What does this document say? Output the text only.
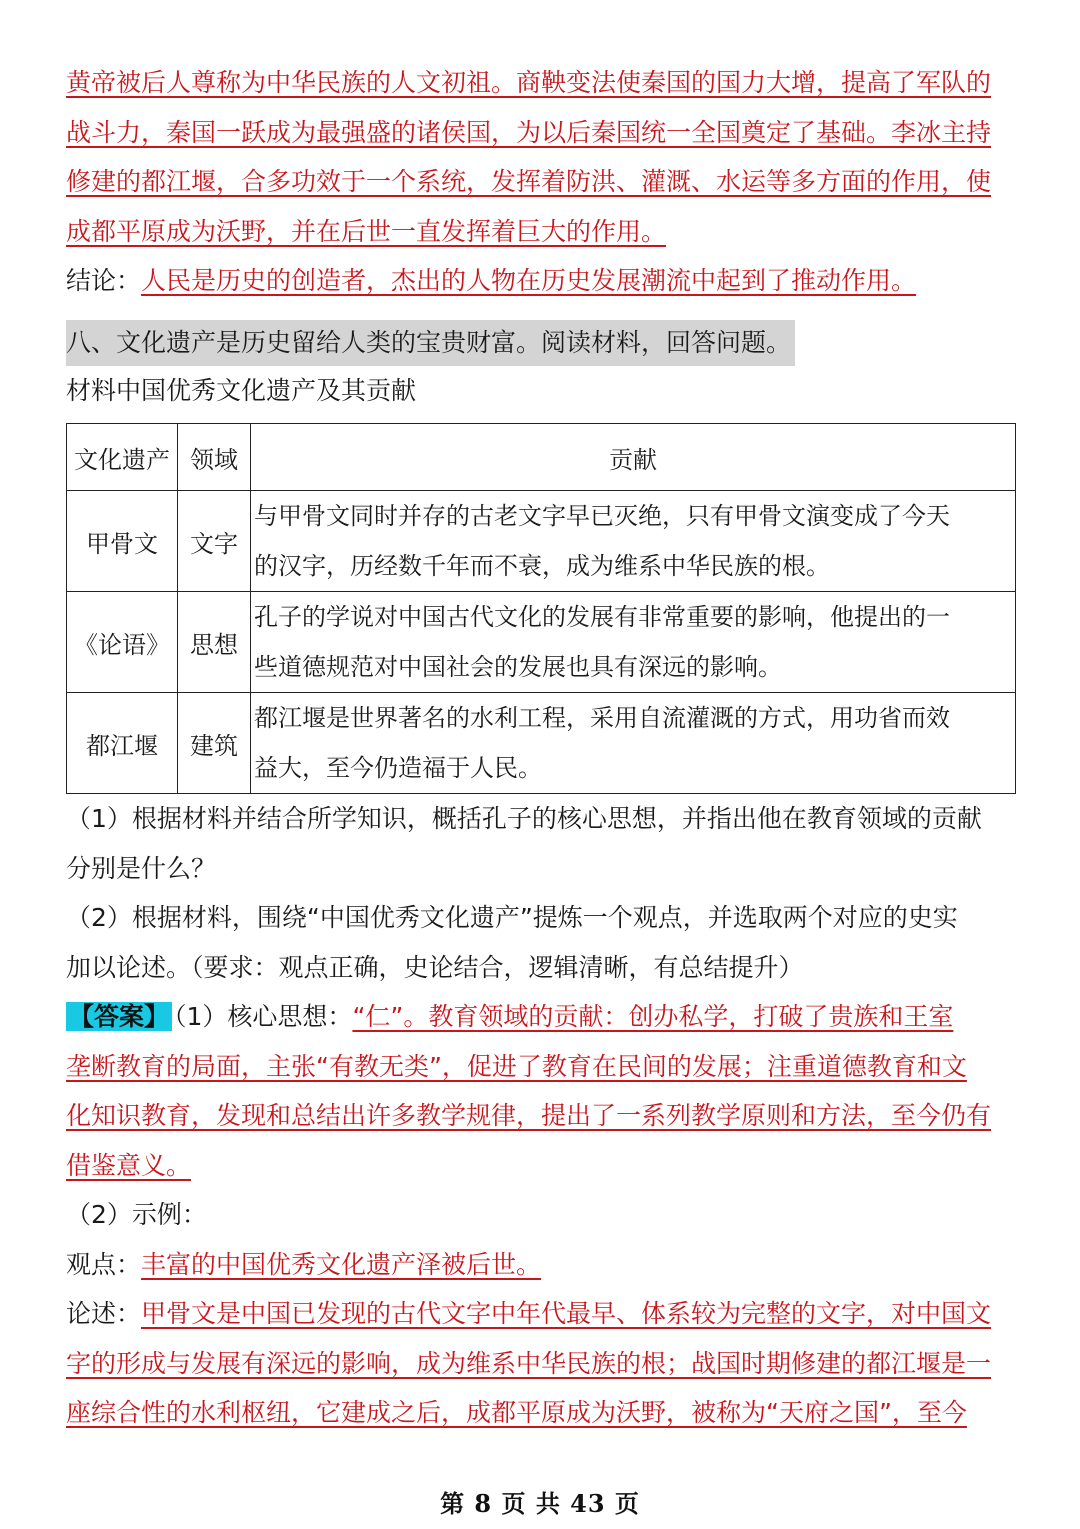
黄帝被后人尊称为中华民族的人文初祖。商鞅变法使秦国的国力大增，提高了军队的
战斗力，秦国一跃成为最强盛的诸侯国，为以后秦国统一全国奠定了基础。李冰主持
修建的都江堰，合多功效于一个系统，发挥着防洪、灌溉、水运等多方面的作用，使
成都平原成为沃野，并在后世一直发挥着巨大的作用。
结论：人民是历史的创造者，杰出的人物在历史发展潮流中起到了推动作用。
八、文化遗产是历史留给人类的宝贵财富。阅读材料，回答问题。
材料中国优秀文化遗产及其贡献
文化遗产	领域	贡献
甲骨文	文字	与甲骨文同时并存的古老文字早已灭绝，只有甲骨文演变成了今天
的汉字，历经数千年而不衰，成为维系中华民族的根。

《论语》	思想	孔子的学说对中国古代文化的发展有非常重要的影响，他提出的一
些道德规范对中国社会的发展也具有深远的影响。

都江堰	建筑	都江堰是世界著名的水利工程，采用自流灌溉的方式，用功省而效
益大，至今仍造福于人民。
（1）根据材料并结合所学知识，概括孔子的核心思想，并指出他在教育领域的贡献
分别是什么？
（2）根据材料，围绕“中国优秀文化遗产”提炼一个观点，并选取两个对应的史实
加以论述。（要求：观点正确，史论结合，逻辑清晰，有总结提升）
【答案】 （1）核心思想：“仁”。教育领域的贡献：创办私学，打破了贵族和王室
垄断教育的局面，主张“有教无类”，促进了教育在民间的发展；注重道德教育和文
化知识教育，发现和总结出许多教学规律，提出了一系列教学原则和方法，至今仍有
借鉴意义。
（2）示例：
观点：丰富的中国优秀文化遗产泽被后世。
论述：甲骨文是中国已发现的古代文字中年代最早、体系较为完整的文字，对中国文
字的形成与发展有深远的影响，成为维系中华民族的根；战国时期修建的都江堰是一
座综合性的水利枢纽，它建成之后，成都平原成为沃野，被称为“天府之国”，至今
第 8 页 共 43 页
